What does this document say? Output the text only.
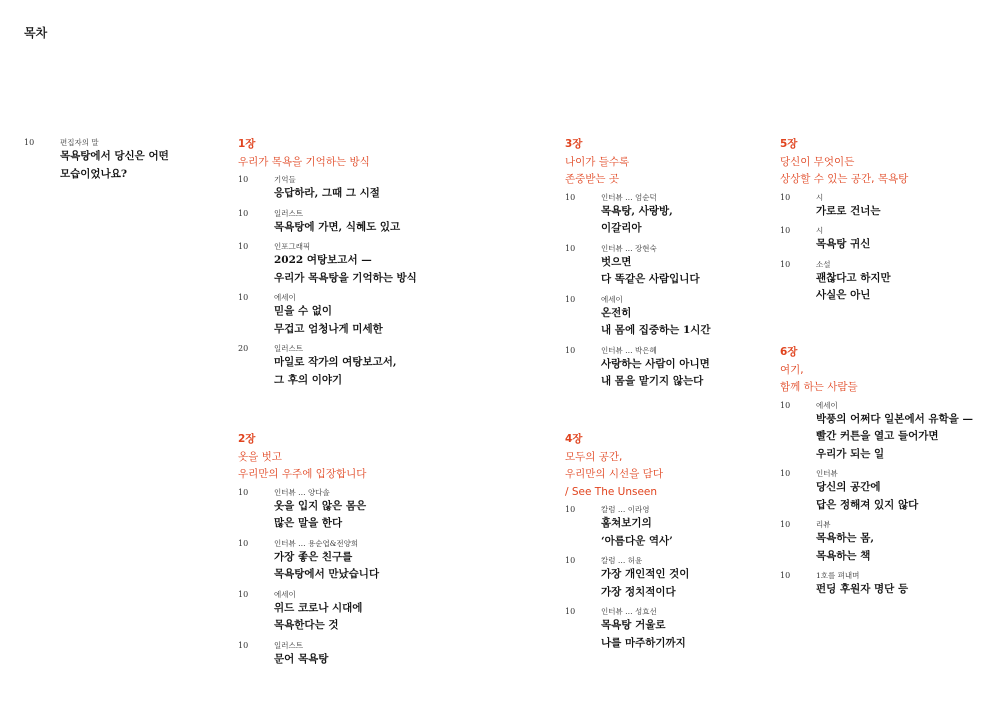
목차
10	편집자의 말
목욕탕에서 당신은 어떤
모습이었나요?
1장
우리가 목욕을 기억하는 방식
10	기억들
응답하라, 그때 그 시절
10	일러스트
목욕탕에 가면, 식혜도 있고
10	인포그래픽
2022 여탕보고서 —
우리가 목욕탕을 기억하는 방식
10	에세이
믿을 수 없이
무겁고 엄청나게 미세한
20	일러스트
마일로 작가의 여탕보고서,
그 후의 이야기
2장
옷을 벗고
우리만의 우주에 입장합니다
10	인터뷰 … 양다솔
옷을 입지 않은 몸은
많은 말을 한다
10	인터뷰 … 용순엽&전양희
가장 좋은 친구를
목욕탕에서 만났습니다
10	에세이
위드 코로나 시대에
목욕한다는 것
10	일러스트
문어 목욕탕
3장
나이가 들수록
존중받는 곳
10	인터뷰 … 엄순덕
목욕탕, 사랑방,
이갈리아
10	인터뷰 … 장현숙
벗으면
다 똑같은 사람입니다
10	에세이
온전히
내 몸에 집중하는 1시간
10	인터뷰 … 박은혜
사랑하는 사람이 아니면
내 몸을 맡기지 않는다
4장
모두의 공간,
우리만의 시선을 담다
/ See The Unseen
10	칼럼 … 이라영
훔쳐보기의
‘아름다운 역사’
10	칼럼 … 허윤
가장 개인적인 것이
가장 정치적이다
10	인터뷰 … 성효선
목욕탕 거울로
나를 마주하기까지
5장
당신이 무엇이든
상상할 수 있는 공간, 목욕탕
10	시
가로로 건너는
10	시
목욕탕 귀신
10	소설
괜찮다고 하지만
사실은 아닌
6장
여기,
함께 하는 사람들
10	에세이
박풍의 어쩌다 일본에서 유학을 —
빨간 커튼을 열고 들어가면
우리가 되는 일
10	인터뷰
당신의 공간에
답은 정해져 있지 않다
10	리뷰
목욕하는 몸,
목욕하는 책
10	1호를 펴내며
펀딩 후원자 명단 등
